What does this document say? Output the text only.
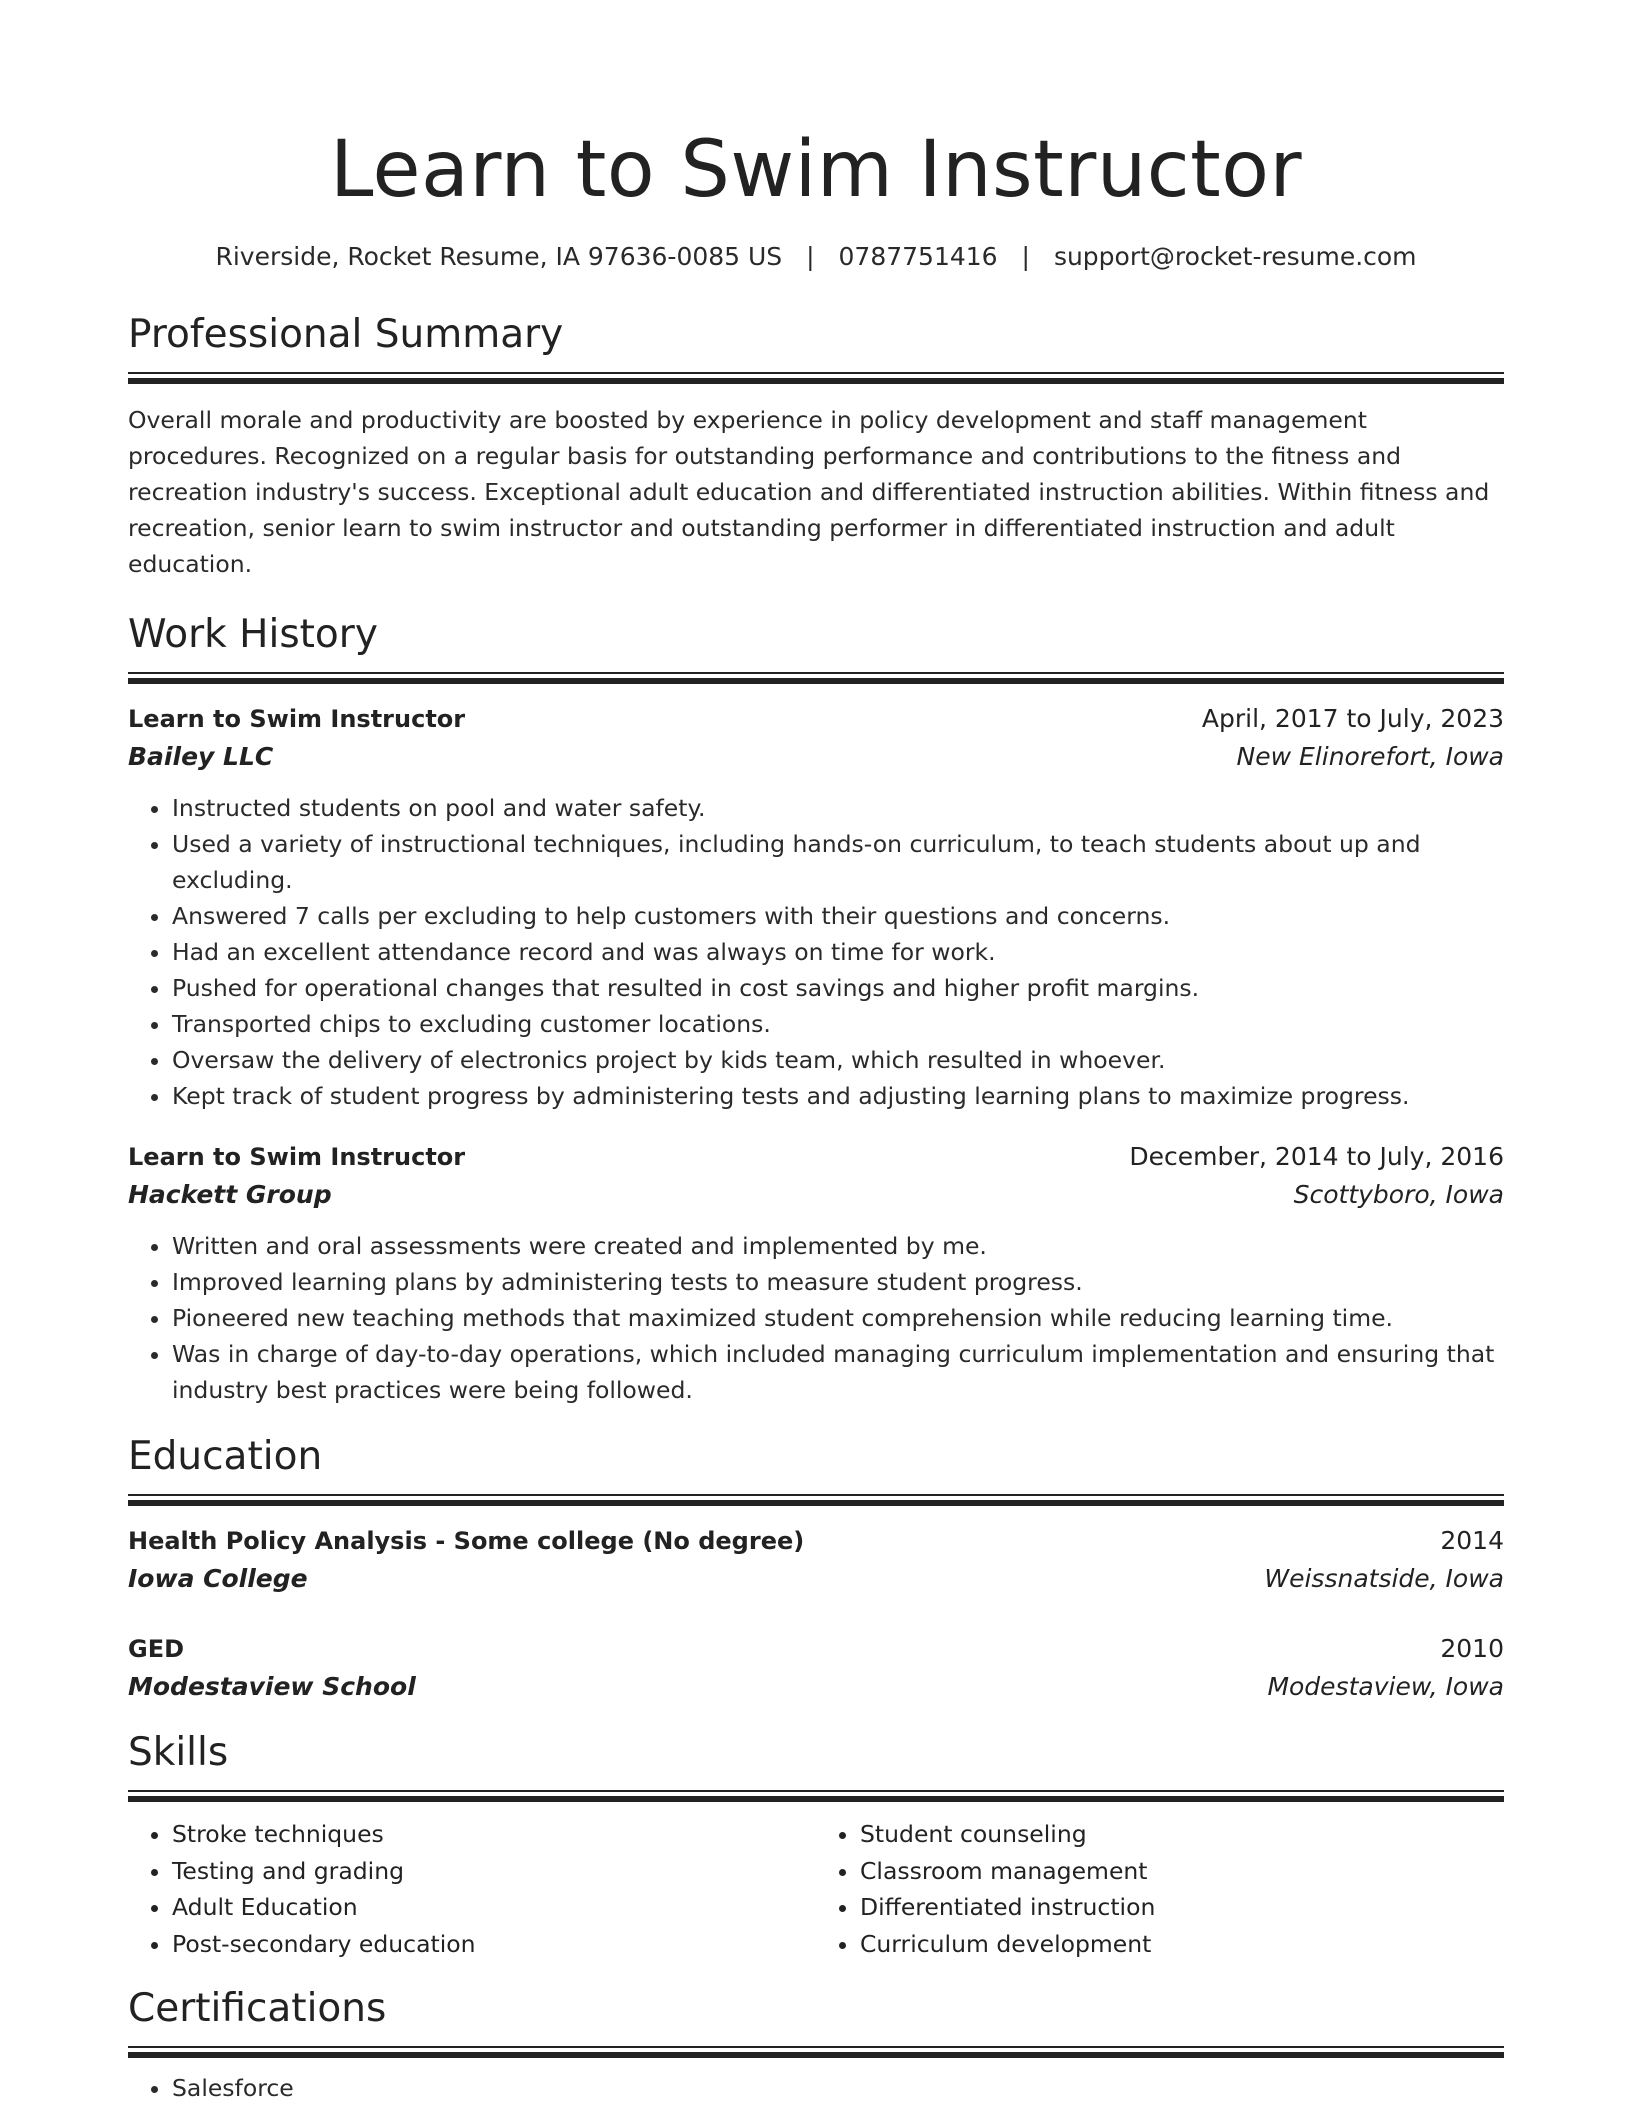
Learn to Swim Instructor
Riverside, Rocket Resume, IA 97636-0085 US | 0787751416 | support@rocket-resume.com
Professional Summary

Overall morale and productivity are boosted by experience in policy development and staff management procedures. Recognized on a regular basis for outstanding performance and contributions to the fitness and recreation industry's success. Exceptional adult education and differentiated instruction abilities. Within fitness and recreation, senior learn to swim instructor and outstanding performer in differentiated instruction and adult education.

Work History
Learn to Swim Instructor	April, 2017 to July, 2023
Bailey LLC	New Elinorefort, Iowa
• Instructed students on pool and water safety.
• Used a variety of instructional techniques, including hands-on curriculum, to teach students about up and excluding.
• Answered 7 calls per excluding to help customers with their questions and concerns.
• Had an excellent attendance record and was always on time for work.
• Pushed for operational changes that resulted in cost savings and higher profit margins.
• Transported chips to excluding customer locations.
• Oversaw the delivery of electronics project by kids team, which resulted in whoever.
• Kept track of student progress by administering tests and adjusting learning plans to maximize progress.
Learn to Swim Instructor	December, 2014 to July, 2016
Hackett Group	Scottyboro, Iowa
• Written and oral assessments were created and implemented by me.
• Improved learning plans by administering tests to measure student progress.
• Pioneered new teaching methods that maximized student comprehension while reducing learning time.
• Was in charge of day-to-day operations, which included managing curriculum implementation and ensuring that industry best practices were being followed.
Education
Health Policy Analysis - Some college (No degree)	2014
Iowa College	Weissnatside, Iowa
GED	2010
Modestaview School	Modestaview, Iowa
Skills
• Stroke techniques
• Testing and grading
• Adult Education
• Post-secondary education
• Student counseling
• Classroom management
• Differentiated instruction
• Curriculum development
Certifications
• Salesforce
